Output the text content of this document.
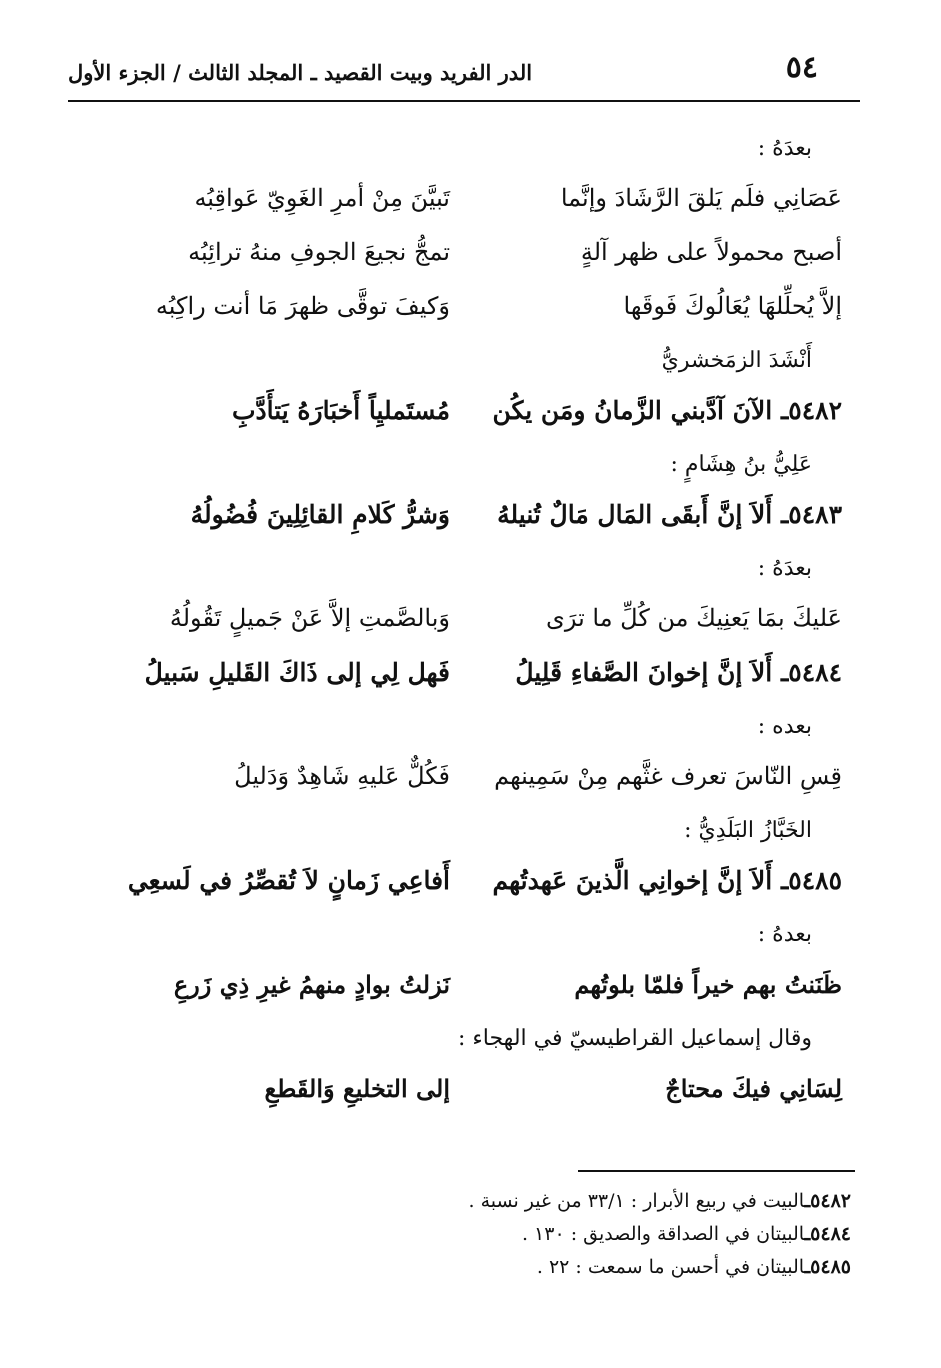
٥٤
الدر الفريد وبيت القصيد ـ المجلد الثالث / الجزء الأول
بعدَهُ :
عَصَانِي فلَم يَلقَ الرَّشَادَ وإنَّما
تَبيَّنَ مِنْ أمرِ الغَوِيّ عَواقِبُه
أصبح محمولاً على ظهر آلةٍ
تمجُّ نجيعَ الجوفِ منهُ ترائِبُه
إلاَّ يُحلِّلهَا يُعَالُوكَ فَوقَها
وَكيفَ توقَّى ظهرَ مَا أنت راكِبُه
أَنْشَدَ الزمَخشريُّ
٥٤٨٢ـ الآنَ آدَّبني الزَّمانُ ومَن يكُن
مُستَمليِاً أَخبَارَهُ يَتأَدَّبِ
عَلِيُّ بنُ هِشَامٍ :
٥٤٨٣ـ أَلاَ إنَّ أَبقَى المَال مَالٌ تُنيلهُ
وَشرُّ كَلامِ القائِلِينَ فُضُولُهُ
بعدَهُ :
عَليكَ بمَا يَعنِيكَ من كُلِّ ما ترَى
وَبالصَّمتِ إلاَّ عَنْ جَميلٍ تَقُولُهُ
٥٤٨٤ـ أَلاَ إنَّ إخوانَ الصَّفاءِ قَلِيلُ
فَهل لِي إلى ذَاكَ القَليلِ سَبيلُ
بعده :
قِسِ النّاسَ تعرف غثَّهم مِنْ سَمِينهم
فَكُلٌّ عَليهِ شَاهِدٌ وَدَليلُ
الخَبَّازُ البَلَدِيُّ :
٥٤٨٥ـ أَلاَ إنَّ إخوانِي الَّذينَ عَهدتُهم
أَفاعِي زَمانٍ لاَ تُقصِّرُ في لَسعِي
بعدهُ :
ظَنَنتُ بهم خيراً فلمّا بلوتُهم
نَزلتُ بوادٍ منهمُ غيرِ ذِي زَرعِ
وقال إسماعيل القراطيسيّ في الهجاء :
لِسَانِي فيكَ محتاجٌ
إلى التخليعِ وَالقَطعِ
٥٤٨٢ـالبيت في ربيع الأبرار : ٣٣/١ من غير نسبة .
٥٤٨٤ـالبيتان في الصداقة والصديق : ١٣٠ .
٥٤٨٥ـالبيتان في أحسن ما سمعت : ٢٢ .
